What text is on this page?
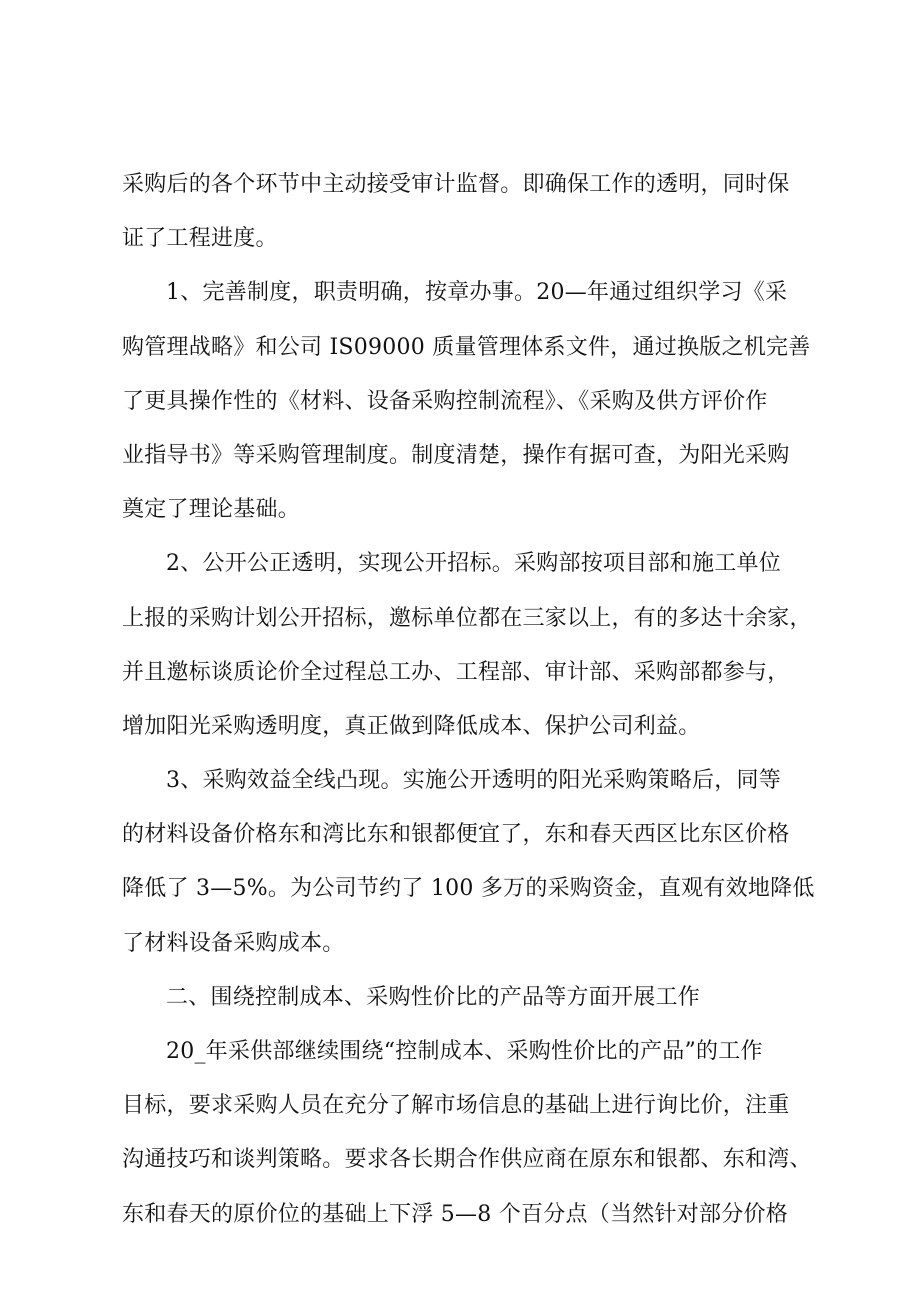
采购后的各个环节中主动接受审计监督。即确保工作的透明，同时保
证了工程进度。
1、完善制度，职责明确，按章办事。20—年通过组织学习《采
购管理战略》和公司 IS09000 质量管理体系文件，通过换版之机完善
了更具操作性的《材料、设备采购控制流程》、《采购及供方评价作
业指导书》等采购管理制度。制度清楚，操作有据可查，为阳光采购
奠定了理论基础。
2、公开公正透明，实现公开招标。采购部按项目部和施工单位
上报的采购计划公开招标，邀标单位都在三家以上，有的多达十余家，
并且邀标谈质论价全过程总工办、工程部、审计部、采购部都参与，
增加阳光采购透明度，真正做到降低成本、保护公司利益。
3、采购效益全线凸现。实施公开透明的阳光采购策略后，同等
的材料设备价格东和湾比东和银都便宜了，东和春天西区比东区价格
降低了 3—5%。为公司节约了 100 多万的采购资金，直观有效地降低
了材料设备采购成本。
二、围绕控制成本、采购性价比的产品等方面开展工作
20_年采供部继续围绕“控制成本、采购性价比的产品”的工作
目标，要求采购人员在充分了解市场信息的基础上进行询比价，注重
沟通技巧和谈判策略。要求各长期合作供应商在原东和银都、东和湾、
东和春天的原价位的基础上下浮 5—8 个百分点（当然针对部分价格
